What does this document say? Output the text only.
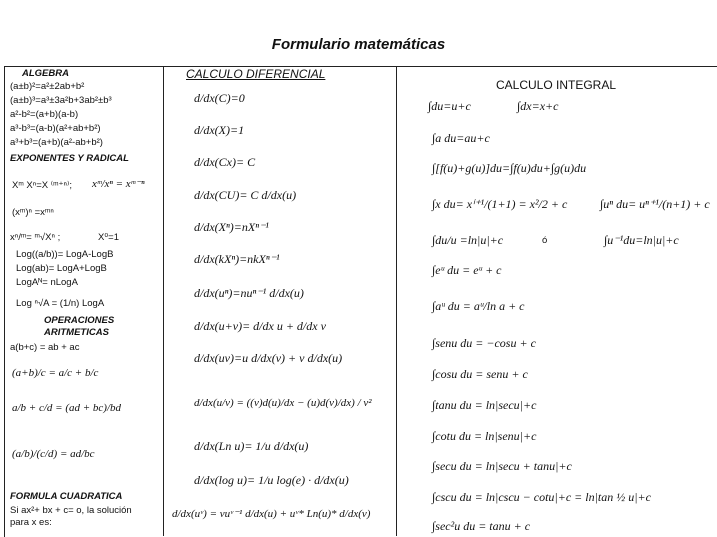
Formulario matemáticas
ALGEBRA
(a±b)²=a²±2ab+b²
(a±b)³=a³±3a²b+3ab²±b³
a²-b²=(a+b)(a-b)
a³-b³=(a-b)(a²+ab+b²)
a³+b³=(a+b)(a²-ab+b²)
EXPONENTES Y RADICAL
Xᵐ Xⁿ=X ⁽ᵐ⁺ⁿ⁾; xᵐ/xⁿ = xᵐ⁻ⁿ
(xᵐ)ⁿ =xᵐⁿ
xⁿ/ᵐ= ᵐ√Xⁿ ;	X⁰=1
Log((a/b))= LogA-LogB
Log(ab)= LogA+LogB
LogAᴺ= nLogA
Log ⁿ√A = (1/n) LogA
OPERACIONES
ARITMETICAS
a(b+c) = ab + ac
(a+b)/c = a/c + b/c
a/b + c/d = (ad + bc)/bd
(a/b)/(c/d) = ad/bc
FORMULA CUADRATICA
Si ax²+ bx + c= o, la solución
para x es:
CALCULO DIFERENCIAL
d/dx(C)=0
d/dx(X)=1
d/dx(Cx)= C
d/dx(CU)= C d/dx(u)
d/dx(Xⁿ)=nXⁿ⁻¹
d/dx(kXⁿ)=nkXⁿ⁻¹
d/dx(uⁿ)=nuⁿ⁻¹ d/dx(u)
d/dx(u+v)= d/dx u + d/dx v
d/dx(uv)=u d/dx(v) + v d/dx(u)
d/dx(u/v) = ((v)d(u)/dx − (u)d(v)/dx) / v²
d/dx(Ln u)= 1/u d/dx(u)
d/dx(log u)= 1/u log(e) · d/dx(u)
d/dx(uᵛ) = vuᵛ⁻¹ d/dx(u) + uᵛ* Ln(u)* d/dx(v)
CALCULO INTEGRAL
∫du=u+c	∫dx=x+c
∫a du=au+c
∫[f(u)+g(u)]du=∫f(u)du+∫g(u)du
∫x du= xⁱ⁺¹/(1+1) = x²/2 + c	∫uⁿ du= uⁿ⁺¹/(n+1) + c
∫du/u =ln|u|+c	ó	∫u⁻¹du=ln|u|+c
∫eᵘ du = eᵘ + c
∫aᵘ du = aᵘ/ln a + c
∫senu du = −cosu + c
∫cosu du = senu + c
∫tanu du = ln|secu|+c
∫cotu du = ln|senu|+c
∫secu du = ln|secu + tanu|+c
∫cscu du = ln|cscu − cotu|+c = ln|tan ½ u|+c
∫sec²u du = tanu + c
